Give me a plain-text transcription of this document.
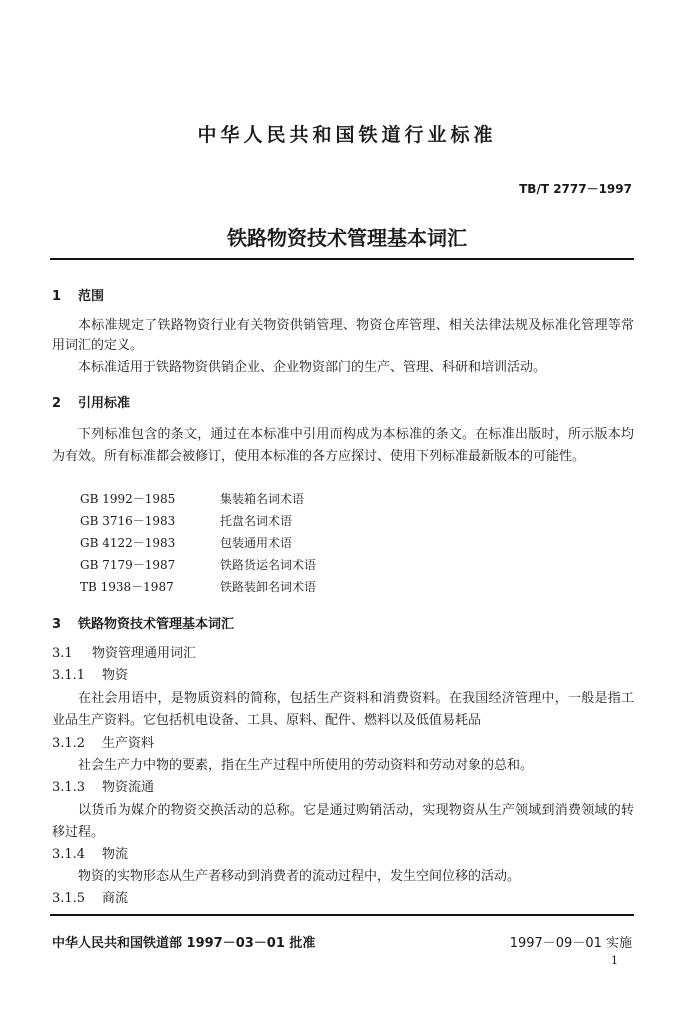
中华人民共和国铁道行业标准
TB/T 2777－1997
铁路物资技术管理基本词汇
1 范围
本标准规定了铁路物资行业有关物资供销管理、物资仓库管理、相关法律法规及标准化管理等常用词汇的定义。
本标准适用于铁路物资供销企业、企业物资部门的生产、管理、科研和培训活动。
2 引用标准
下列标准包含的条文，通过在本标准中引用而构成为本标准的条文。在标准出版时，所示版本均为有效。所有标准都会被修订，使用本标准的各方应探讨、使用下列标准最新版本的可能性。
GB 1992－1985	集装箱名词术语
GB 3716－1983	托盘名词术语
GB 4122－1983	包装通用术语
GB 7179－1987	铁路货运名词术语
TB 1938－1987	铁路装卸名词术语
3 铁路物资技术管理基本词汇
3.1 物资管理通用词汇
3.1.1 物资
在社会用语中，是物质资料的简称，包括生产资料和消费资料。在我国经济管理中，一般是指工业品生产资料。它包括机电设备、工具、原料、配件、燃料以及低值易耗品
3.1.2 生产资料
社会生产力中物的要素，指在生产过程中所使用的劳动资料和劳动对象的总和。
3.1.3 物资流通
以货币为媒介的物资交换活动的总称。它是通过购销活动，实现物资从生产领域到消费领域的转移过程。
3.1.4 物流
物资的实物形态从生产者移动到消费者的流动过程中，发生空间位移的活动。
3.1.5 商流
中华人民共和国铁道部 1997－03－01 批准	1997－09－01 实施
1
